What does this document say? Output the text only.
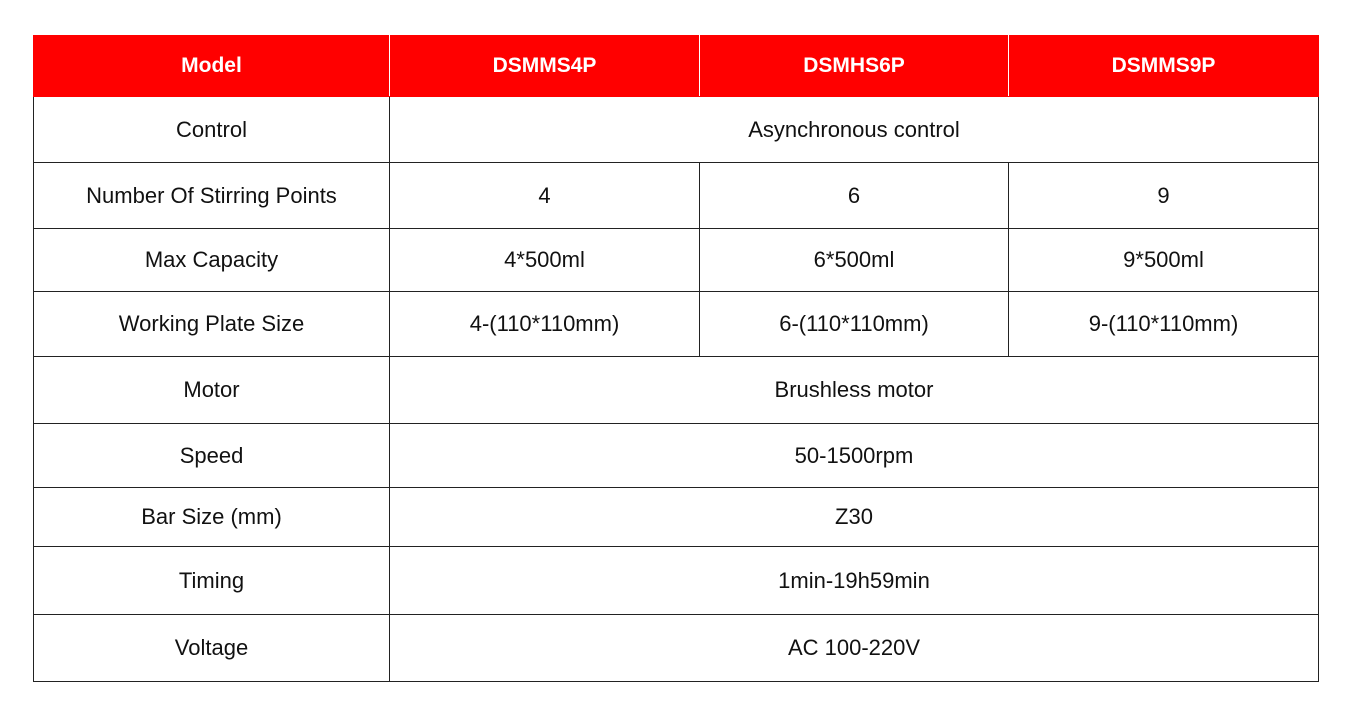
Model	DSMMS4P	DSMHS6P	DSMMS9P
Control	Asynchronous control		
Number Of Stirring Points	4	6	9
Max Capacity	4*500ml	6*500ml	9*500ml
Working Plate Size	4-(110*110mm)	6-(110*110mm)	9-(110*110mm)
Motor	Brushless motor		
Speed	50-1500rpm		
Bar Size (mm)	Z30		
Timing	1min-19h59min		
Voltage	AC 100-220V		
